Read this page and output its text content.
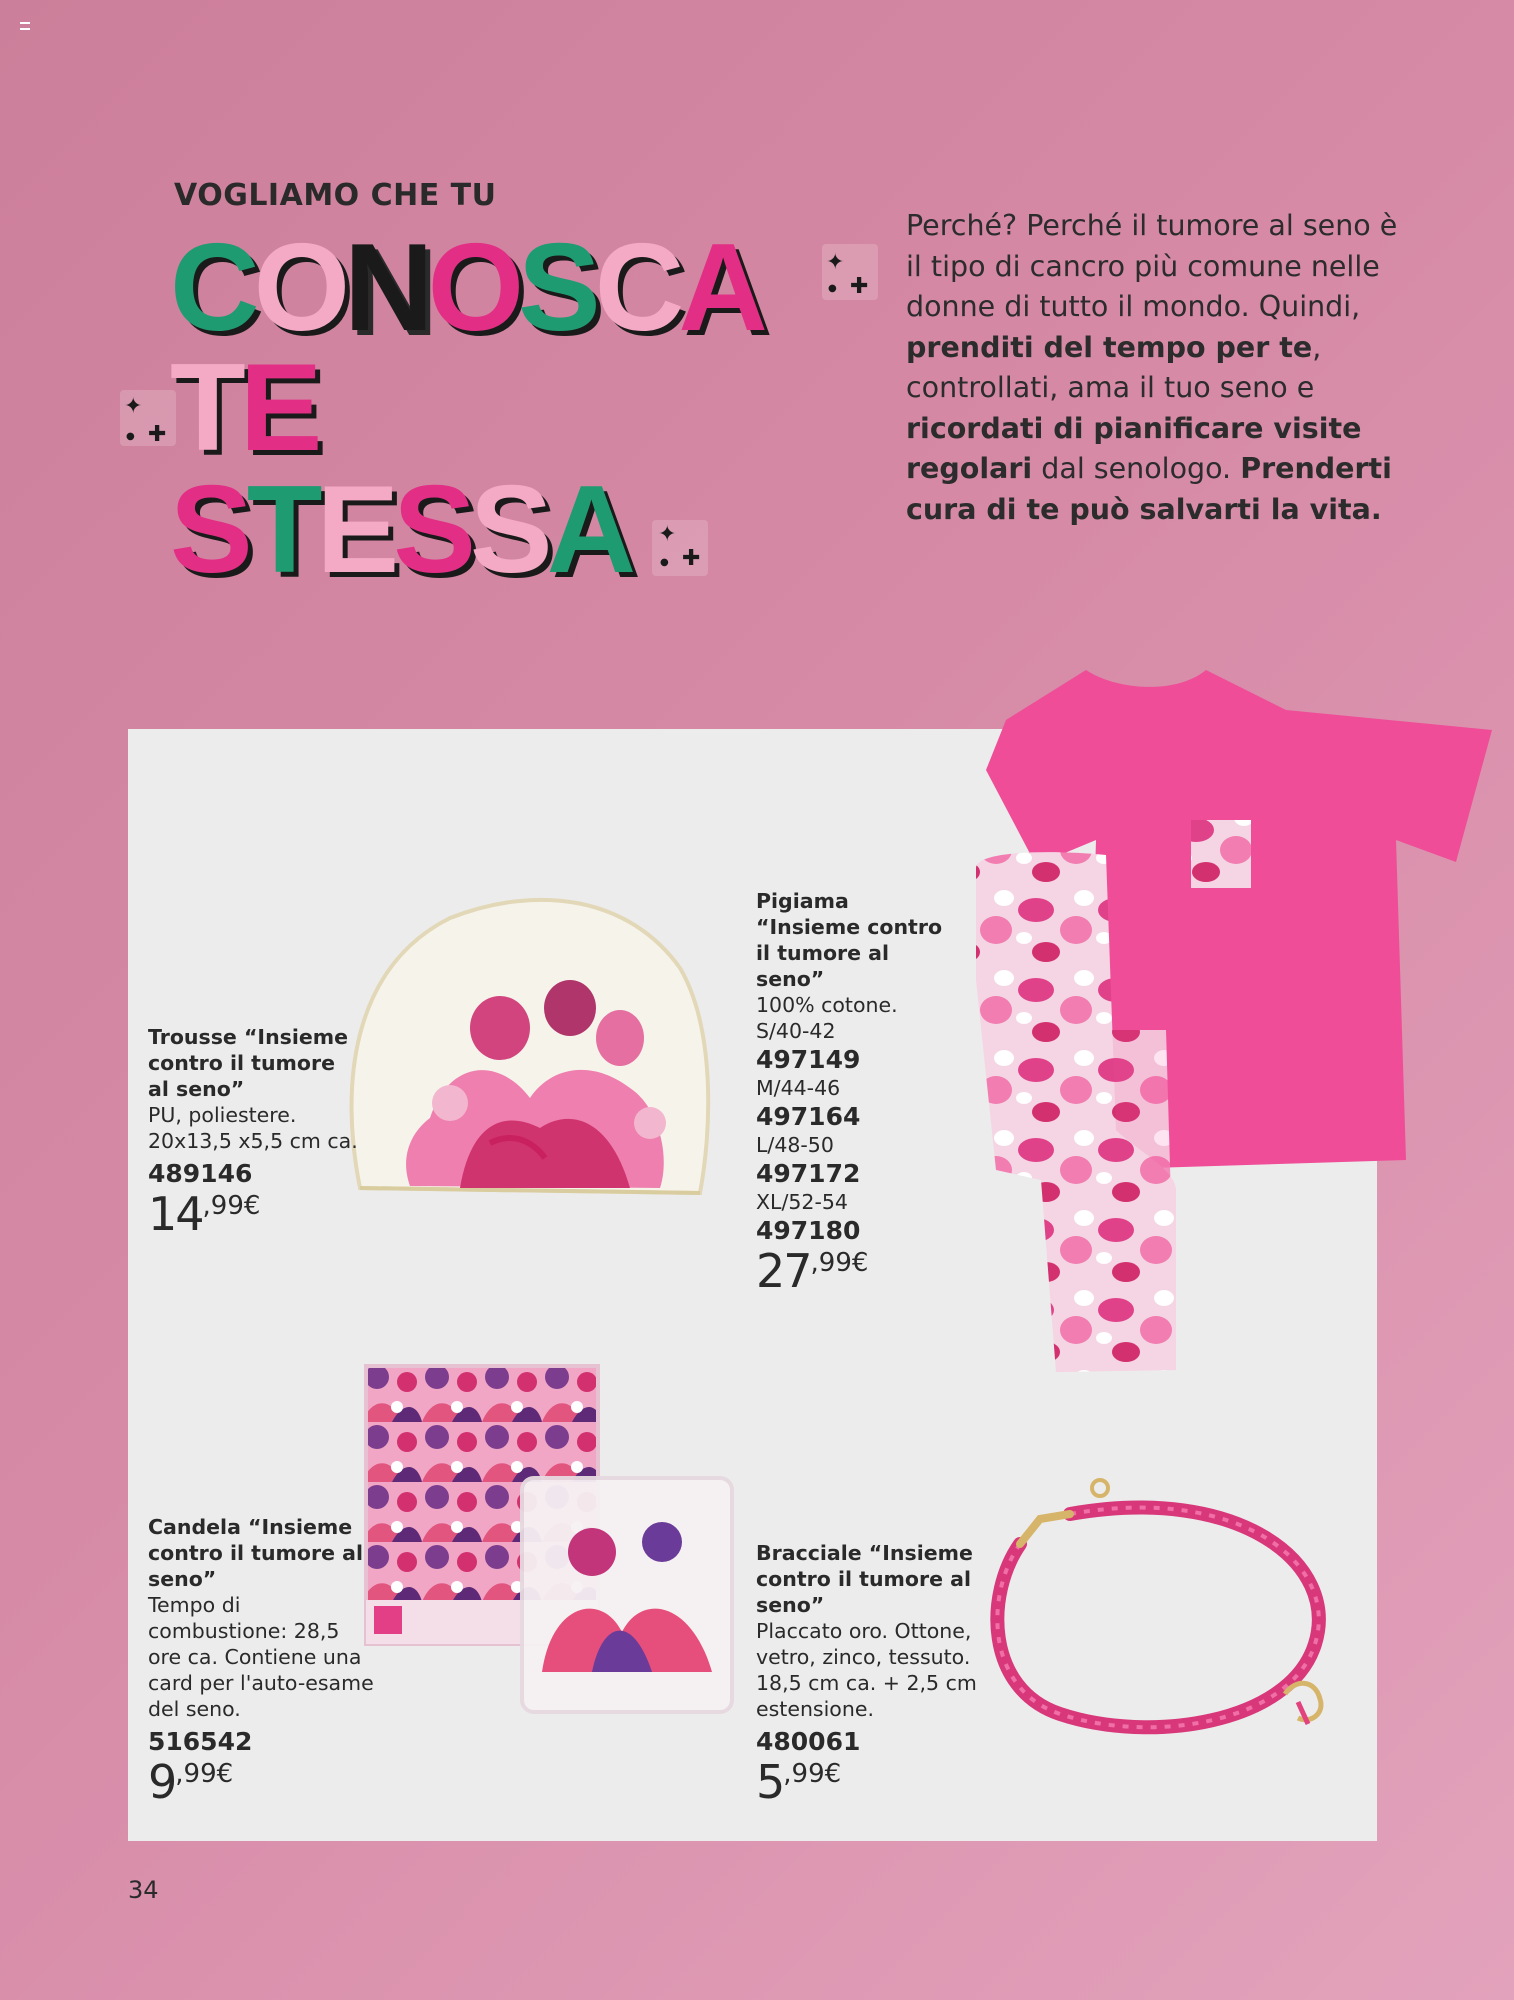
VOGLIAMO CHE TU
CONOSCA
TE
STESSA
✦
✚
●
✦
✚
●
✦
✚
●
Perché? Perché il tumore al seno è il tipo di cancro più comune nelle donne di tutto il mondo. Quindi, prenditi del tempo per te, controllati, ama il tuo seno e ricordati di pianificare visite regolari dal senologo. Prenderti cura di te può salvarti la vita.
Trousse “Insieme contro il tumore al seno”
PU, poliestere. 20x13,5 x5,5 cm ca.
489146
14,99€
Pigiama “Insieme contro il tumore al seno”
100% cotone.
S/40-42
497149
M/44-46
497164
L/48-50
497172
XL/52-54
497180
27,99€
Candela “Insieme contro il tumore al seno”
Tempo di combustione: 28,5 ore ca. Contiene una card per l'auto-esame del seno.
516542
9,99€
Bracciale “Insieme contro il tumore al seno”
Placcato oro. Ottone, vetro, zinco, tessuto. 18,5 cm ca. + 2,5 cm estensione.
480061
5,99€
34
